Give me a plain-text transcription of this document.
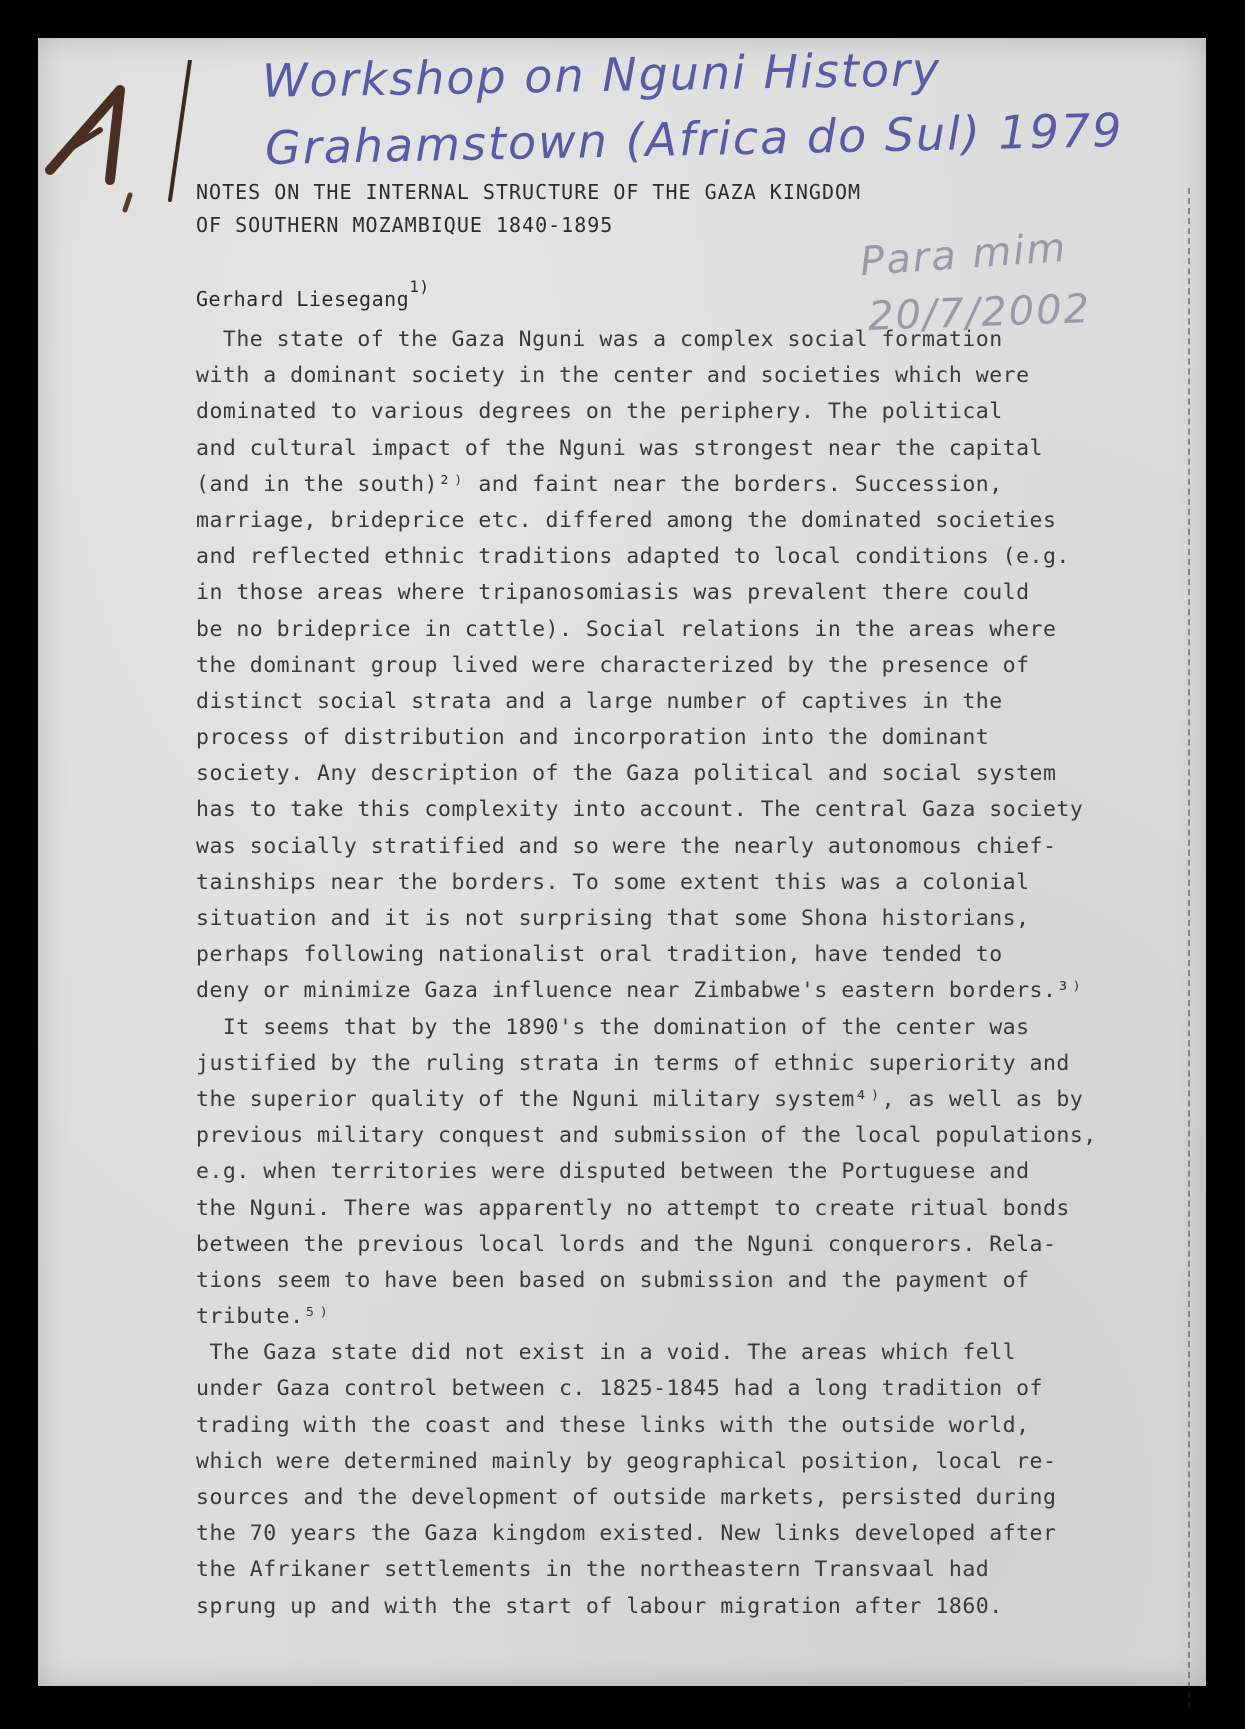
Workshop on Nguni History
Grahamstown (Africa do Sul) 1979
Para mim
20/7/2002
NOTES ON THE INTERNAL STRUCTURE OF THE GAZA KINGDOM
OF SOUTHERN MOZAMBIQUE 1840-1895
Gerhard Liesegang$^{1)}$
The state of the Gaza Nguni was a complex social formation
with a dominant society in the center and societies which were
dominated to various degrees on the periphery. The political
and cultural impact of the Nguni was strongest near the capital
(and in the south)²⁾ and faint near the borders. Succession,
marriage, brideprice etc. differed among the dominated societies
and reflected ethnic traditions adapted to local conditions (e.g.
in those areas where tripanosomiasis was prevalent there could
be no brideprice in cattle). Social relations in the areas where
the dominant group lived were characterized by the presence of
distinct social strata and a large number of captives in the
process of distribution and incorporation into the dominant
society. Any description of the Gaza political and social system
has to take this complexity into account. The central Gaza society
was socially stratified and so were the nearly autonomous chief-
tainships near the borders. To some extent this was a colonial
situation and it is not surprising that some Shona historians,
perhaps following nationalist oral tradition, have tended to
deny or minimize Gaza influence near Zimbabwe's eastern borders.³⁾
It seems that by the 1890's the domination of the center was
justified by the ruling strata in terms of ethnic superiority and
the superior quality of the Nguni military system⁴⁾, as well as by
previous military conquest and submission of the local populations,
e.g. when territories were disputed between the Portuguese and
the Nguni. There was apparently no attempt to create ritual bonds
between the previous local lords and the Nguni conquerors. Rela-
tions seem to have been based on submission and the payment of
tribute.⁵⁾
The Gaza state did not exist in a void. The areas which fell
under Gaza control between c. 1825-1845 had a long tradition of
trading with the coast and these links with the outside world,
which were determined mainly by geographical position, local re-
sources and the development of outside markets, persisted during
the 70 years the Gaza kingdom existed. New links developed after
the Afrikaner settlements in the northeastern Transvaal had
sprung up and with the start of labour migration after 1860.
